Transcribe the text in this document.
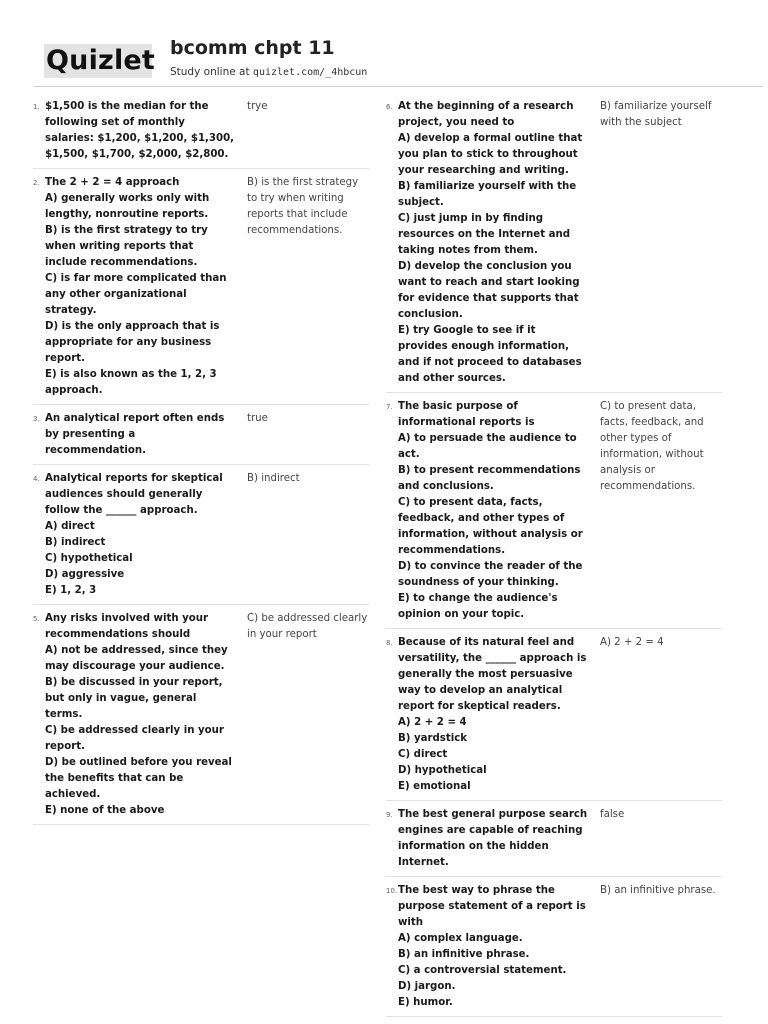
Quizlet bcomm chpt 11
Study online at quizlet.com/_4hbcun
1. $1,500 is the median for the following set of monthly salaries: $1,200, $1,200, $1,300, $1,500, $1,700, $2,000, $2,800.
trye
2. The 2 + 2 = 4 approach
A) generally works only with lengthy, nonroutine reports.
B) is the first strategy to try when writing reports that include recommendations.
C) is far more complicated than any other organizational strategy.
D) is the only approach that is appropriate for any business report.
E) is also known as the 1, 2, 3 approach.
B) is the first strategy to try when writing reports that include recommendations.
3. An analytical report often ends by presenting a recommendation.
true
4. Analytical reports for skeptical audiences should generally follow the ______ approach.
A) direct
B) indirect
C) hypothetical
D) aggressive
E) 1, 2, 3
B) indirect
5. Any risks involved with your recommendations should
A) not be addressed, since they may discourage your audience.
B) be discussed in your report, but only in vague, general terms.
C) be addressed clearly in your report.
D) be outlined before you reveal the benefits that can be achieved.
E) none of the above
C) be addressed clearly in your report
6. At the beginning of a research project, you need to
A) develop a formal outline that you plan to stick to throughout your researching and writing.
B) familiarize yourself with the subject.
C) just jump in by finding resources on the Internet and taking notes from them.
D) develop the conclusion you want to reach and start looking for evidence that supports that conclusion.
E) try Google to see if it provides enough information, and if not proceed to databases and other sources.
B) familiarize yourself with the subject
7. The basic purpose of informational reports is
A) to persuade the audience to act.
B) to present recommendations and conclusions.
C) to present data, facts, feedback, and other types of information, without analysis or recommendations.
D) to convince the reader of the soundness of your thinking.
E) to change the audience's opinion on your topic.
C) to present data, facts, feedback, and other types of information, without analysis or recommendations.
8. Because of its natural feel and versatility, the ______ approach is generally the most persuasive way to develop an analytical report for skeptical readers.
A) 2 + 2 = 4
B) yardstick
C) direct
D) hypothetical
E) emotional
A) 2 + 2 = 4
9. The best general purpose search engines are capable of reaching information on the hidden Internet.
false
10. The best way to phrase the purpose statement of a report is with
A) complex language.
B) an infinitive phrase.
C) a controversial statement.
D) jargon.
E) humor.
B) an infinitive phrase.
